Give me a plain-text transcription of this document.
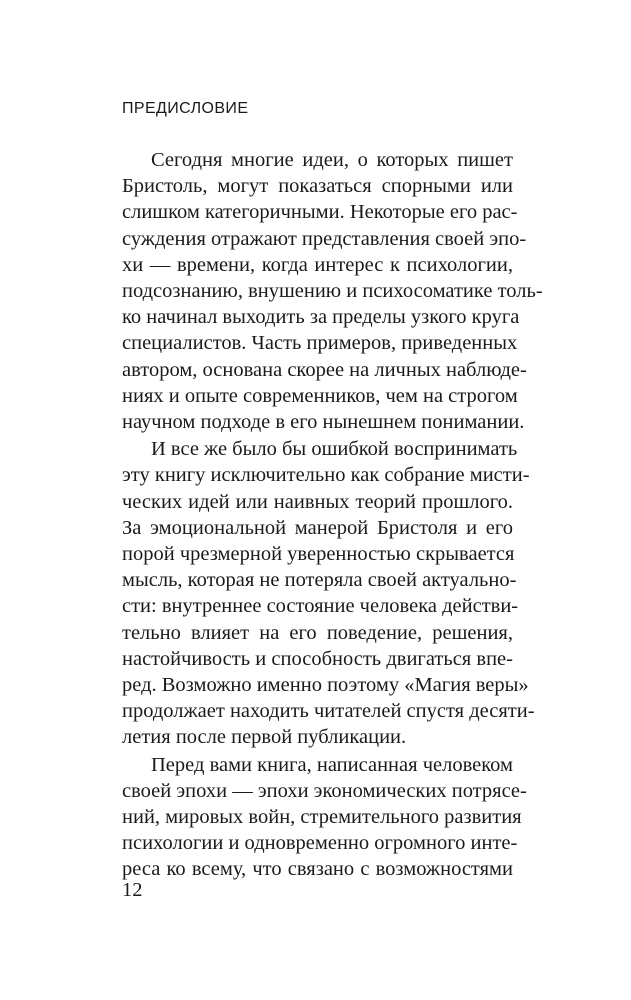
ПРЕДИСЛОВИЕ
Сегодня многие идеи, о которых пишет
Бристоль, могут показаться спорными или
слишком категоричными. Некоторые его рас-
суждения отражают представления своей эпо-
хи — времени, когда интерес к психологии,
подсознанию, внушению и психосоматике толь-
ко начинал выходить за пределы узкого круга
специалистов. Часть примеров, приведенных
автором, основана скорее на личных наблюде-
ниях и опыте современников, чем на строгом
научном подходе в его нынешнем понимании.
И все же было бы ошибкой воспринимать
эту книгу исключительно как собрание мисти-
ческих идей или наивных теорий прошлого.
За эмоциональной манерой Бристоля и его
порой чрезмерной уверенностью скрывается
мысль, которая не потеряла своей актуально-
сти: внутреннее состояние человека действи-
тельно влияет на его поведение, решения,
настойчивость и способность двигаться впе-
ред. Возможно именно поэтому «Магия веры»
продолжает находить читателей спустя десяти-
летия после первой публикации.
Перед вами книга, написанная человеком
своей эпохи — эпохи экономических потрясе-
ний, мировых войн, стремительного развития
психологии и одновременно огромного инте-
реса ко всему, что связано с возможностями
12
